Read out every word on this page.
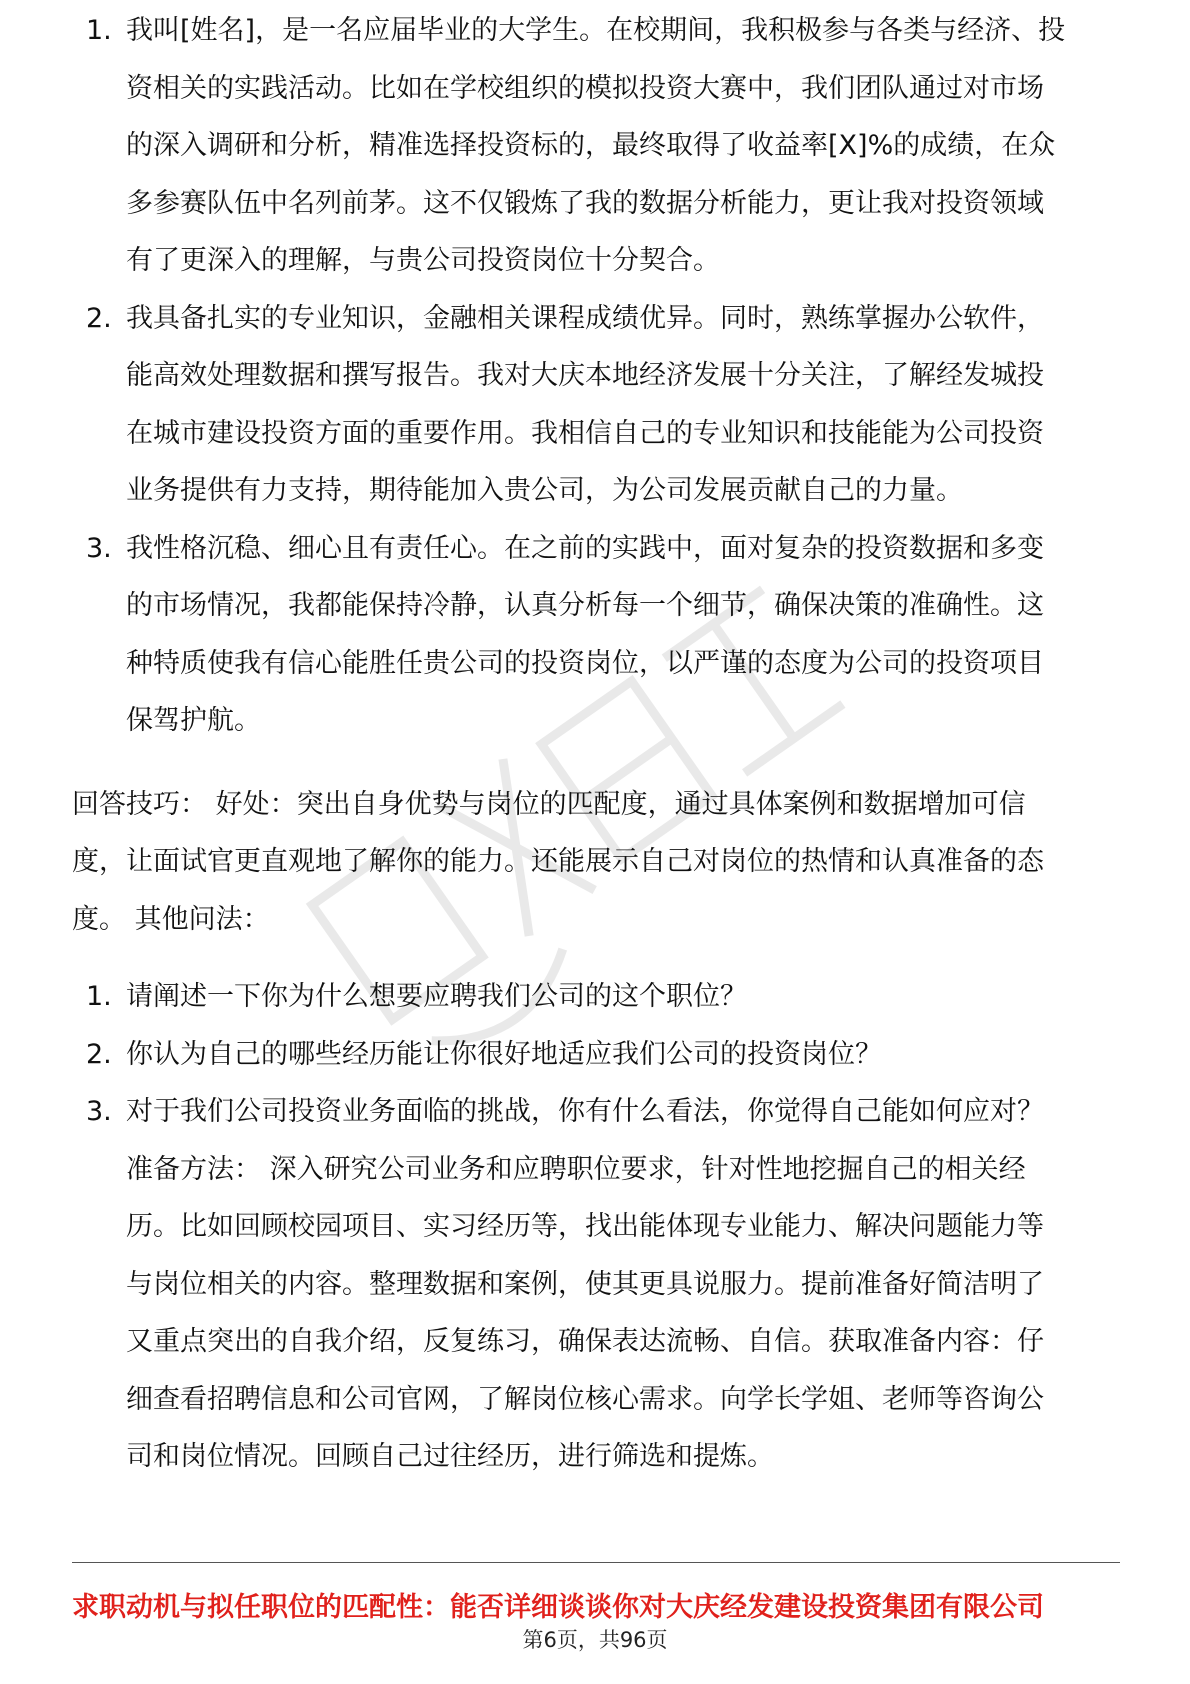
1. 我叫[姓名]，是一名应届毕业的大学生。在校期间，我积极参与各类与经济、投
资相关的实践活动。比如在学校组织的模拟投资大赛中，我们团队通过对市场
的深入调研和分析，精准选择投资标的，最终取得了收益率[X]%的成绩，在众
多参赛队伍中名列前茅。这不仅锻炼了我的数据分析能力，更让我对投资领域
有了更深入的理解，与贵公司投资岗位十分契合。
2. 我具备扎实的专业知识，金融相关课程成绩优异。同时，熟练掌握办公软件，
能高效处理数据和撰写报告。我对大庆本地经济发展十分关注，了解经发城投
在城市建设投资方面的重要作用。我相信自己的专业知识和技能能为公司投资
业务提供有力支持，期待能加入贵公司，为公司发展贡献自己的力量。
3. 我性格沉稳、细心且有责任心。在之前的实践中，面对复杂的投资数据和多变
的市场情况，我都能保持冷静，认真分析每一个细节，确保决策的准确性。这
种特质使我有信心能胜任贵公司的投资岗位，以严谨的态度为公司的投资项目
保驾护航。
回答技巧： 好处：突出自身优势与岗位的匹配度，通过具体案例和数据增加可信
度，让面试官更直观地了解你的能力。还能展示自己对岗位的热情和认真准备的态
度。 其他问法：
1. 请阐述一下你为什么想要应聘我们公司的这个职位？
2. 你认为自己的哪些经历能让你很好地适应我们公司的投资岗位？
3. 对于我们公司投资业务面临的挑战，你有什么看法，你觉得自己能如何应对？
准备方法： 深入研究公司业务和应聘职位要求，针对性地挖掘自己的相关经
历。比如回顾校园项目、实习经历等，找出能体现专业能力、解决问题能力等
与岗位相关的内容。整理数据和案例，使其更具说服力。提前准备好简洁明了
又重点突出的自我介绍，反复练习，确保表达流畅、自信。获取准备内容：仔
细查看招聘信息和公司官网，了解岗位核心需求。向学长学姐、老师等咨询公
司和岗位情况。回顾自己过往经历，进行筛选和提炼。
求职动机与拟任职位的匹配性：能否详细谈谈你对大庆经发建设投资集团有限公司
第6页，共96页
